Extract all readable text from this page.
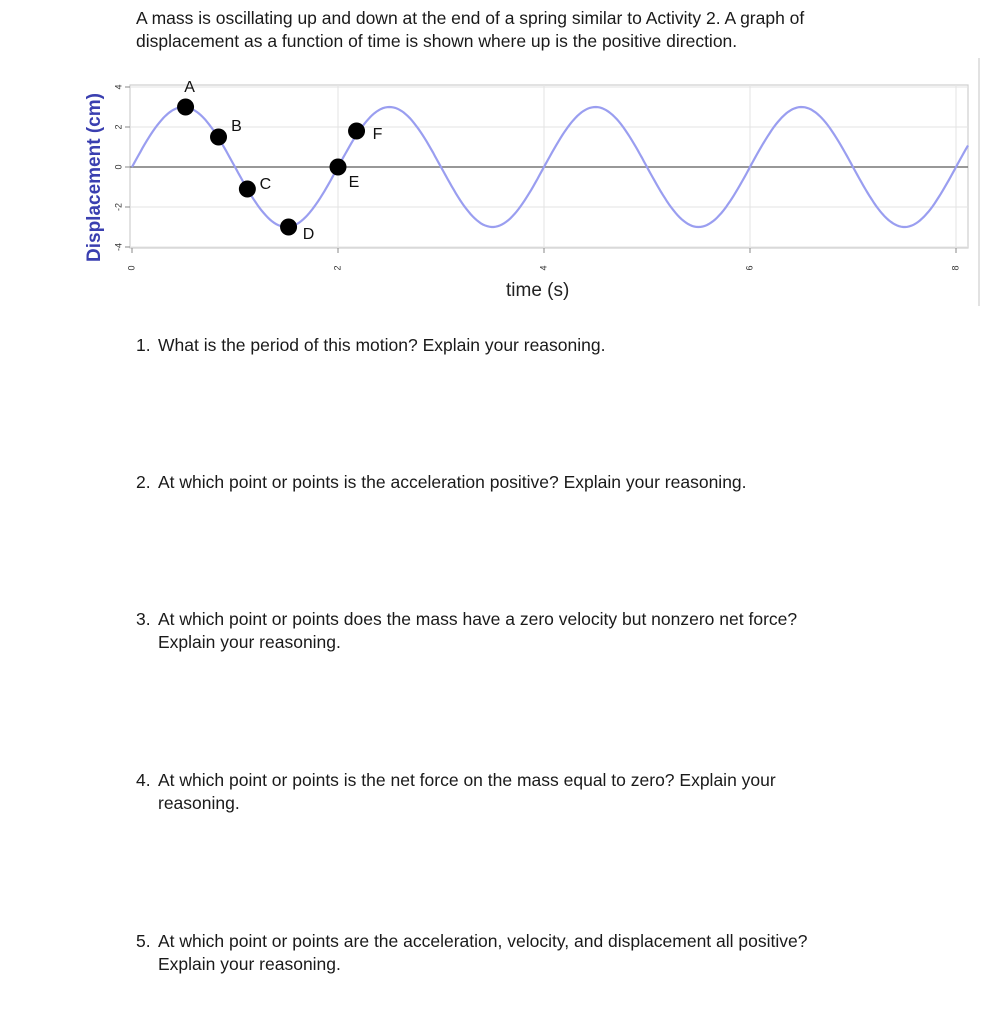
A mass is oscillating up and down at the end of a spring similar to Activity 2. A graph of displacement as a function of time is shown where up is the positive direction.

4
2
0
-2
-4
0	2	4	6	8
A
B
C
D
E
F
Displacement (cm)
time (s)

1. What is the period of this motion? Explain your reasoning.

2. At which point or points is the acceleration positive? Explain your reasoning.

3. At which point or points does the mass have a zero velocity but nonzero net force?
Explain your reasoning.

4. At which point or points is the net force on the mass equal to zero? Explain your
reasoning.

5. At which point or points are the acceleration, velocity, and displacement all positive?
Explain your reasoning.
